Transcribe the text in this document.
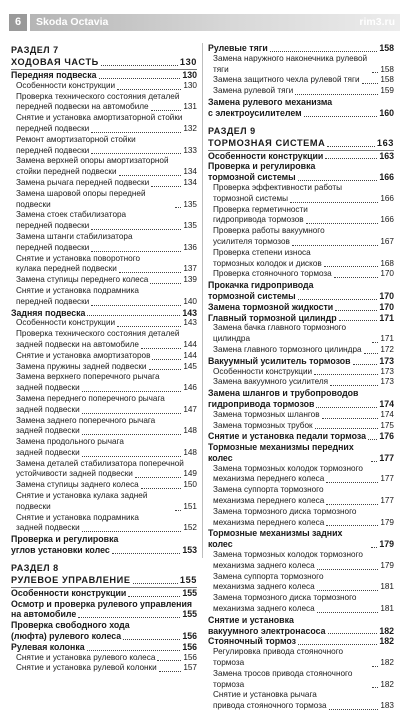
6	Skoda Octavia	rim3.ru
РАЗДЕЛ 7
ХОДОВАЯ ЧАСТЬ	130
Передняя подвеска	130
Особенности конструкции	130
Проверка технического состояния деталей
передней подвески на автомобиле	131
Снятие и установка амортизаторной стойки
передней подвески	132
Ремонт амортизаторной стойки
передней подвески	133
Замена верхней опоры амортизаторной
стойки передней подвески	134
Замена рычага передней подвески	134
Замена шаровой опоры передней подвески	135
Замена стоек стабилизатора
передней подвески	135
Замена штанги стабилизатора
передней подвески	136
Снятие и установка поворотного
кулака передней подвески	137
Замена ступицы переднего колеса	139
Снятие и установка подрамника
передней подвески	140
Задняя подвеска	143
Особенности конструкции	143
Проверка технического состояния деталей
задней подвески на автомобиле	144
Снятие и установка амортизаторов	144
Замена пружины задней подвески	145
Замена верхнего поперечного рычага
задней подвески	146
Замена переднего поперечного рычага
задней подвески	147
Замена заднего поперечного рычага
задней подвески	148
Замена продольного рычага
задней подвески	148
Замена деталей стабилизатора поперечной
устойчивости задней подвески	149
Замена ступицы заднего колеса	150
Снятие и установка кулака задней подвески	151
Снятие и установка подрамника
задней подвески	152
Проверка и регулировка
углов установки колес	153
РАЗДЕЛ 8
РУЛЕВОЕ УПРАВЛЕНИЕ	155
Особенности конструкции	155
Осмотр и проверка рулевого управления
на автомобиле	155
Проверка свободного хода
(люфта) рулевого колеса	156
Рулевая колонка	156
Снятие и установка рулевого колеса	156
Снятие и установка рулевой колонки	157
Рулевые тяги	158
Замена наружного наконечника рулевой тяги	158
Замена защитного чехла рулевой тяги	158
Замена рулевой тяги	159
Замена рулевого механизма
с электроусилителем	160
РАЗДЕЛ 9
ТОРМОЗНАЯ СИСТЕМА	163
Особенности конструкции	163
Проверка и регулировка
тормозной системы	166
Проверка эффективности работы
тормозной системы	166
Проверка герметичности
гидропривода тормозов	166
Проверка работы вакуумного
усилителя тормозов	167
Проверка степени износа
тормозных колодок и дисков	168
Проверка стояночного тормоза	170
Прокачка гидропривода
тормозной системы	170
Замена тормозной жидкости	170
Главный тормозной цилиндр	171
Замена бачка главного тормозного цилиндра	171
Замена главного тормозного цилиндра 172
Вакуумный усилитель тормозов	173
Особенности конструкции	173
Замена вакуумного усилителя	173
Замена шлангов и трубопроводов
гидропривода тормозов	174
Замена тормозных шлангов	174
Замена тормозных трубок	175
Снятие и установка педали тормоза 176
Тормозные механизмы передних колес	177
Замена тормозных колодок тормозного
механизма переднего колеса	177
Замена суппорта тормозного
механизма переднего колеса	177
Замена тормозного диска тормозного
механизма переднего колеса	179
Тормозные механизмы задних колес	179
Замена тормозных колодок тормозного
механизма заднего колеса	179
Замена суппорта тормозного
механизма заднего колеса	181
Замена тормозного диска тормозного
механизма заднего колеса	181
Снятие и установка
вакуумного электронасоса	182
Стояночный тормоз	182
Регулировка привода стояночного тормоза	182
Замена тросов привода стояночного тормоза	182
Снятие и установка рычага
привода стояночного тормоза	183
